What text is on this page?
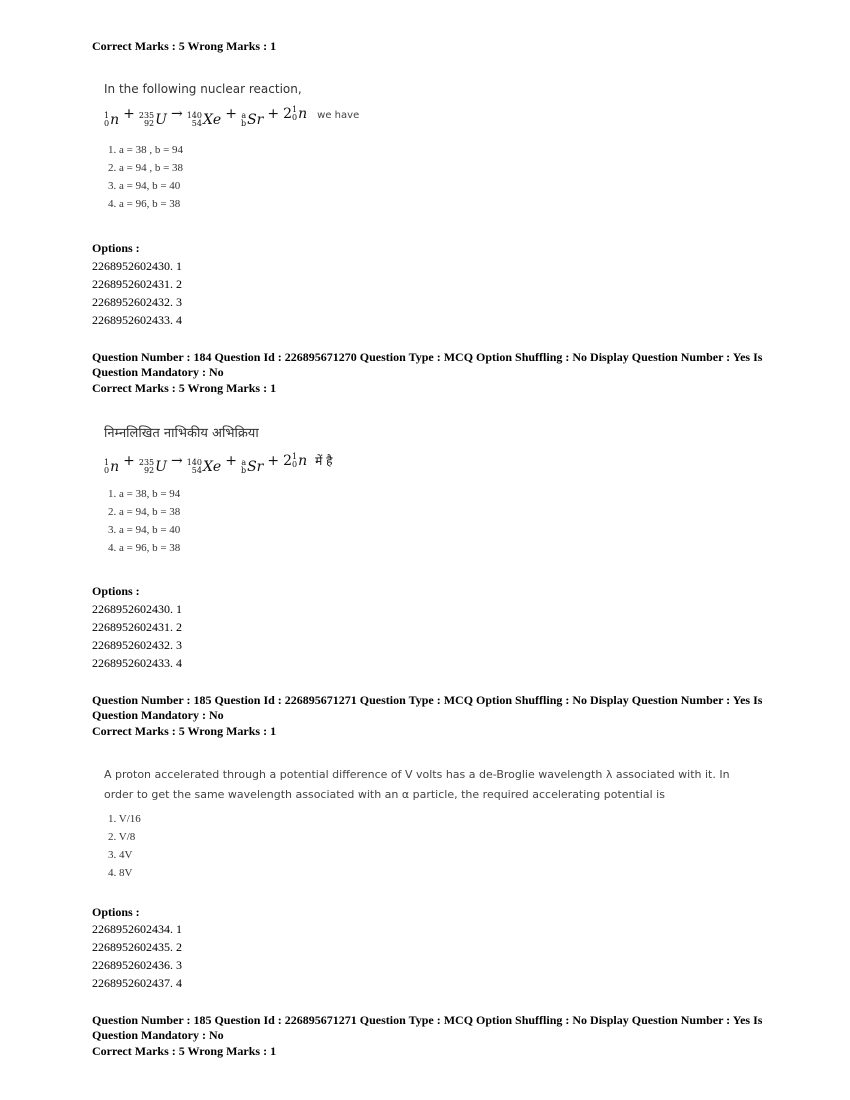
Correct Marks : 5 Wrong Marks : 1
In the following nuclear reaction,
1
0 n + 235
92 U → 140
54 Xe + a
b Sr + 2 1
0 n we have
1. a = 38 , b = 94
2. a = 94 , b = 38
3. a = 94, b = 40
4. a = 96, b = 38
Options :
2268952602430. 1
2268952602431. 2
2268952602432. 3
2268952602433. 4
Question Number : 184 Question Id : 226895671270 Question Type : MCQ Option Shuffling : No Display Question Number : Yes Is
Question Mandatory : No
Correct Marks : 5 Wrong Marks : 1
निम्नलिखित नाभिकीय अभिक्रिया
1
0 n + 235
92 U → 140
54 Xe + a
b Sr + 2 1
0 n में है
1. a = 38, b = 94
2. a = 94, b = 38
3. a = 94, b = 40
4. a = 96, b = 38
Options :
2268952602430. 1
2268952602431. 2
2268952602432. 3
2268952602433. 4
Question Number : 185 Question Id : 226895671271 Question Type : MCQ Option Shuffling : No Display Question Number : Yes Is
Question Mandatory : No
Correct Marks : 5 Wrong Marks : 1
A proton accelerated through a potential difference of V volts has a de-Broglie wavelength λ associated with it. In
order to get the same wavelength associated with an α particle, the required accelerating potential is
1. V/16
2. V/8
3. 4V
4. 8V
Options :
2268952602434. 1
2268952602435. 2
2268952602436. 3
2268952602437. 4
Question Number : 185 Question Id : 226895671271 Question Type : MCQ Option Shuffling : No Display Question Number : Yes Is
Question Mandatory : No
Correct Marks : 5 Wrong Marks : 1
